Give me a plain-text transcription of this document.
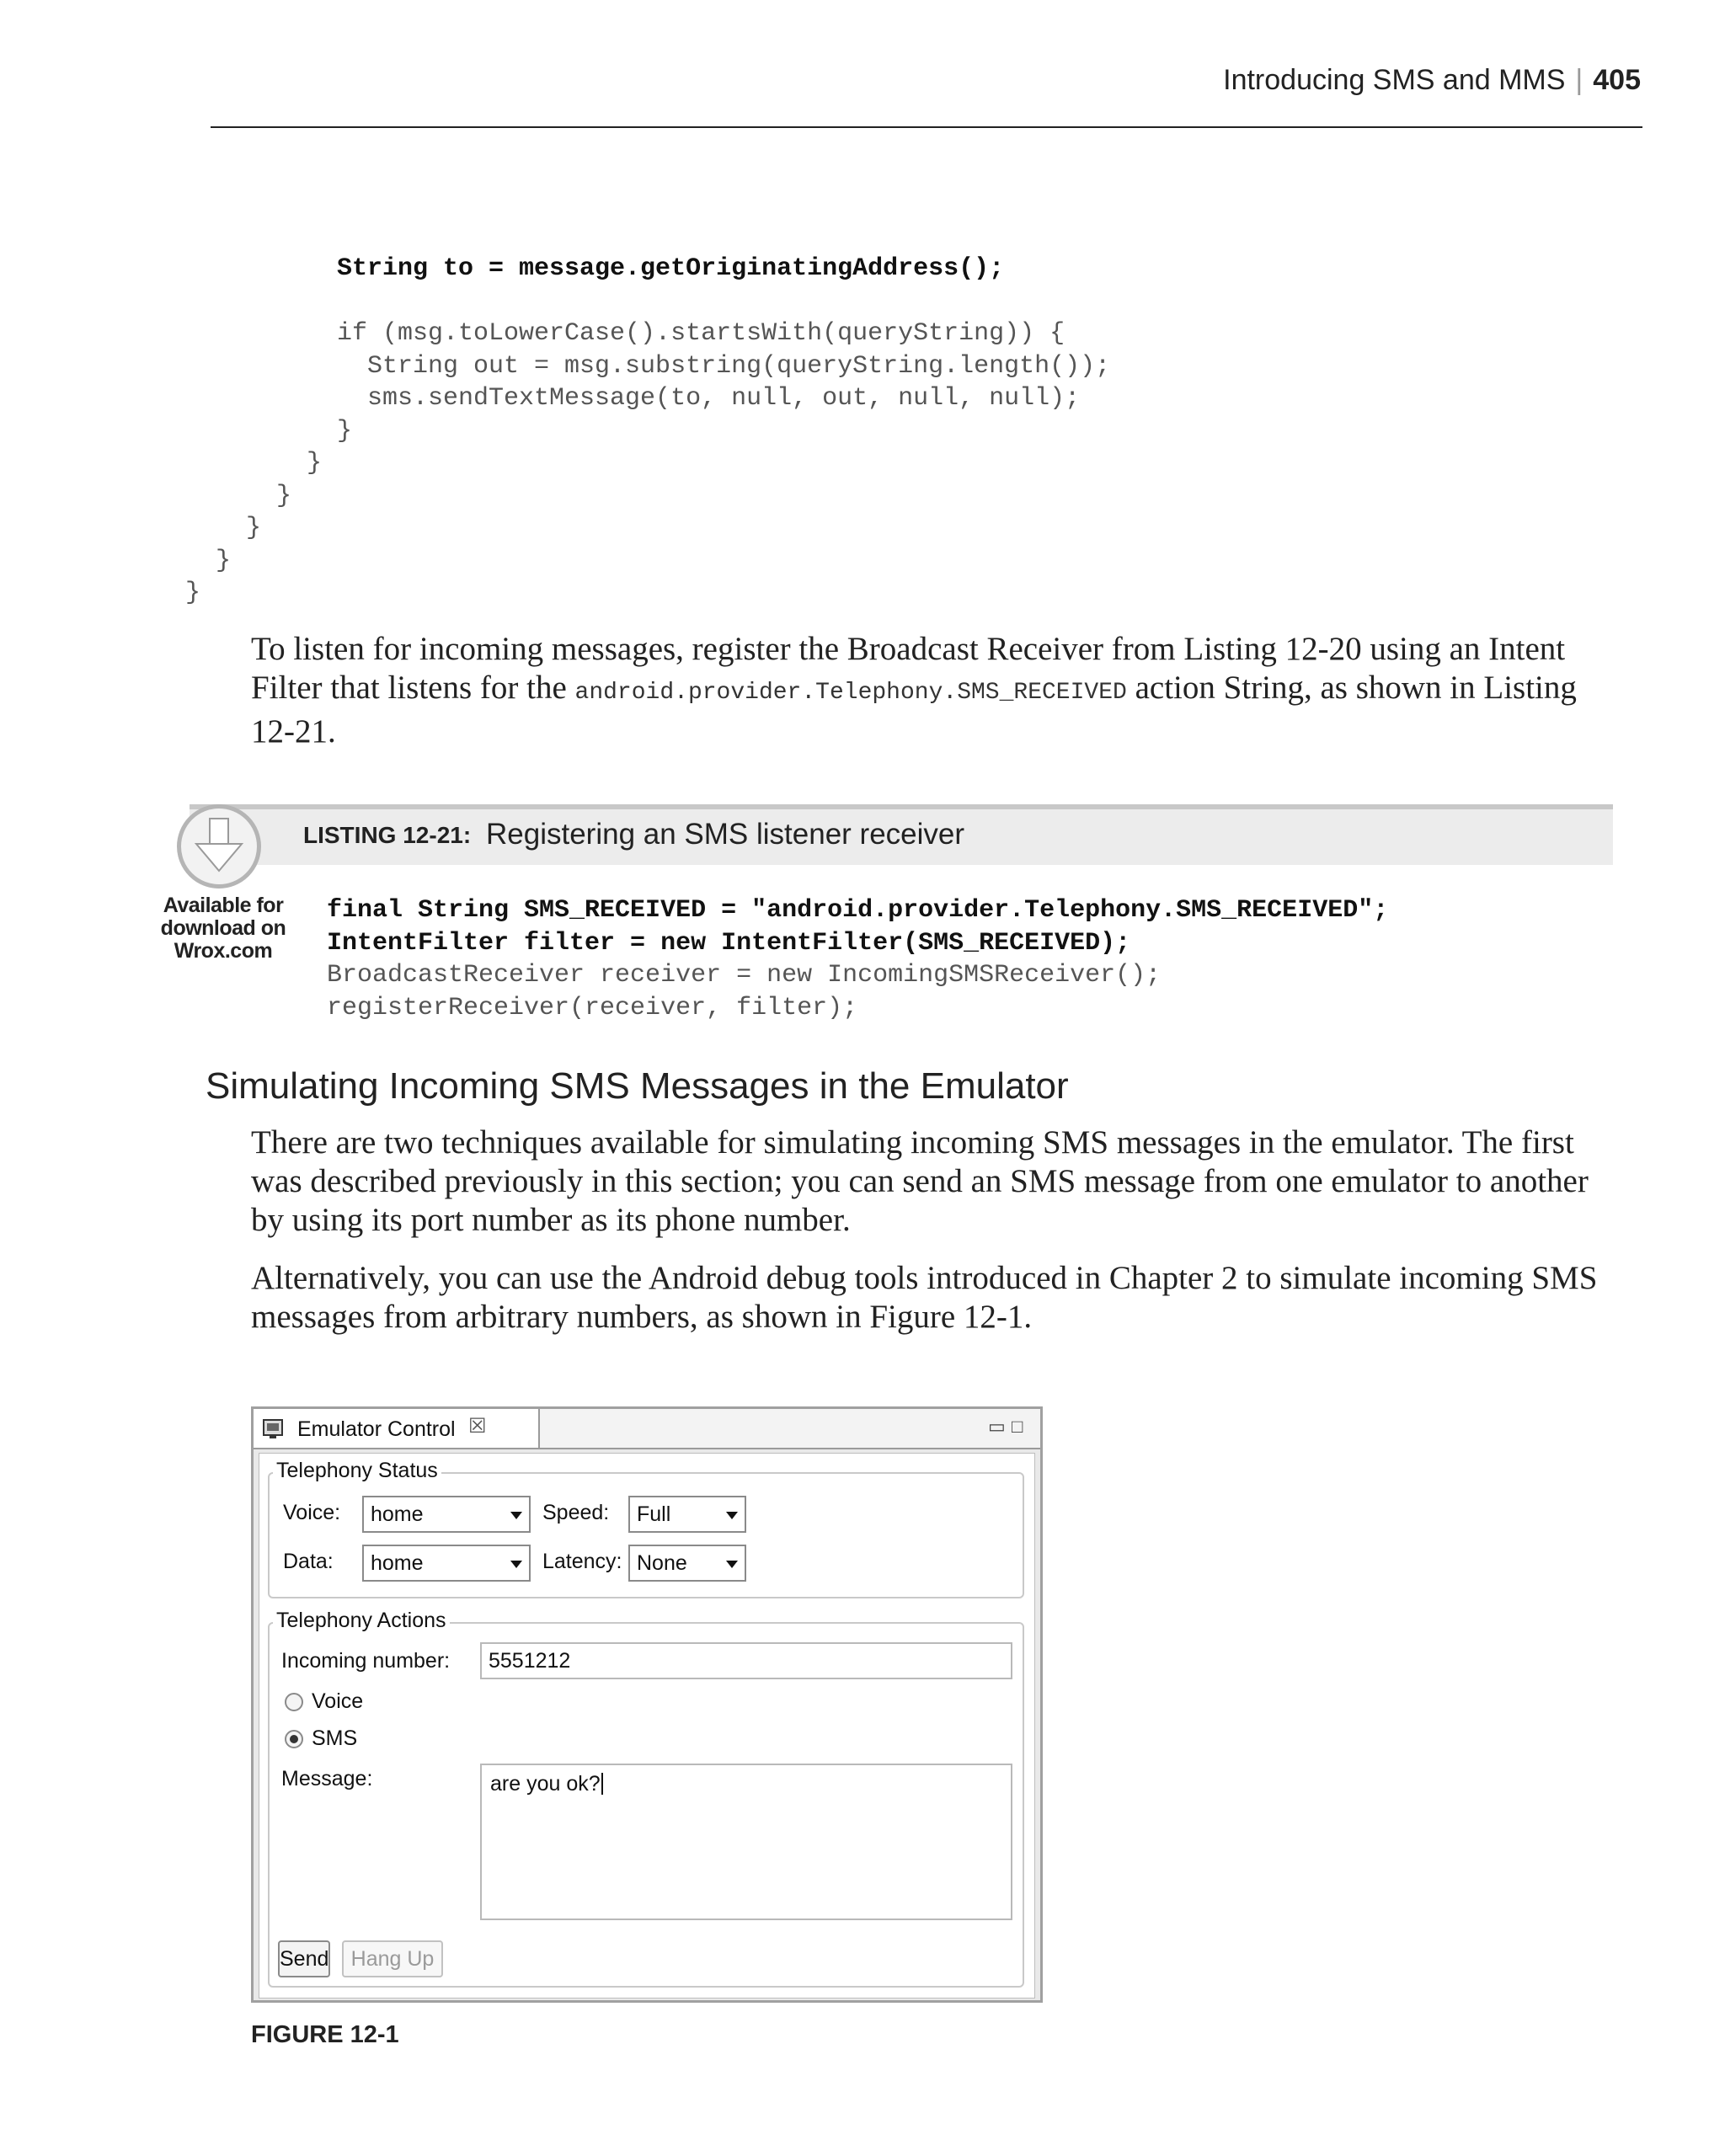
Introducing SMS and MMS | 405
String to = message.getOriginatingAddress();

if (msg.toLowerCase().startsWith(queryString)) {
String out = msg.substring(queryString.length());
sms.sendTextMessage(to, null, out, null, null);
}
}
}
}
}
}

To listen for incoming messages, register the Broadcast Receiver from Listing 12-20 using an Intent Filter that listens for the android.provider.Telephony.SMS_RECEIVED action String, as shown in Listing 12-21.

Available for
download on
Wrox.com
LISTING 12-21: Registering an SMS listener receiver
final String SMS_RECEIVED = "android.provider.Telephony.SMS_RECEIVED";
IntentFilter filter = new IntentFilter(SMS_RECEIVED);
BroadcastReceiver receiver = new IncomingSMSReceiver();
registerReceiver(receiver, filter);
Simulating Incoming SMS Messages in the Emulator

There are two techniques available for simulating incoming SMS messages in the emulator. The first was described previously in this section; you can send an SMS message from one emulator to another by using its port number as its phone number.

Alternatively, you can use the Android debug tools introduced in Chapter 2 to simulate incoming SMS messages from arbitrary numbers, as shown in Figure 12-1.

Emulator Control ☒	▭ □
Telephony Status
Voice: home	Speed: Full
Data: home	Latency: None
Telephony Actions
Incoming number: 5551212
Voice
SMS
Message:	are you ok?
Send	Hang Up
FIGURE 12-1
